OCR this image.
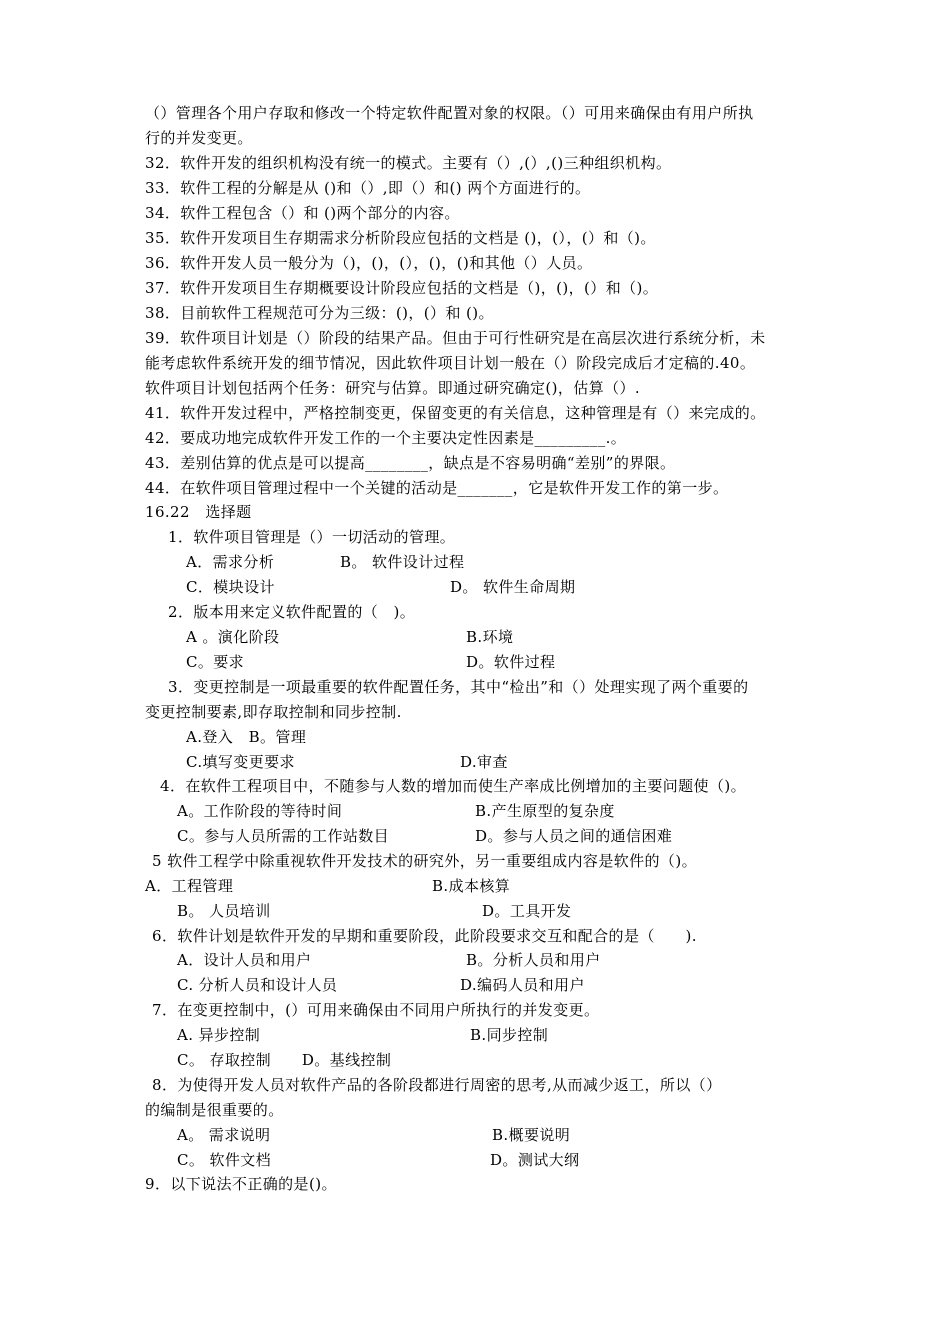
（）管理各个用户存取和修改一个特定软件配置对象的权限。（）可用来确保由有用户所执
行的并发变更。
32．软件开发的组织机构没有统一的模式。主要有（）,(）,()三种组织机构。
33．软件工程的分解是从 ()和（）,即（）和() 两个方面进行的。
34．软件工程包含（）和 ()两个部分的内容。
35．软件开发项目生存期需求分析阶段应包括的文档是 ()，(），(）和（)。
36．软件开发人员一般分为（)，()，(），()，()和其他（）人员。
37．软件开发项目生存期概要设计阶段应包括的文档是（)，()，(）和（)。
38．目前软件工程规范可分为三级：()，(）和 ()。
39．软件项目计划是（）阶段的结果产品。但由于可行性研究是在高层次进行系统分析，未
能考虑软件系统开发的细节情况，因此软件项目计划一般在（）阶段完成后才定稿的.40。
软件项目计划包括两个任务：研究与估算。即通过研究确定()，估算（）.
41．软件开发过程中，严格控制变更，保留变更的有关信息，这种管理是有（）来完成的。
42．要成功地完成软件开发工作的一个主要决定性因素是_________.。
43．差别估算的优点是可以提高________，缺点是不容易明确“差别”的界限。
44．在软件项目管理过程中一个关键的活动是_______，它是软件开发工作的第一步。
16.22　选择题
1．软件项目管理是（）一切活动的管理。
A．需求分析	B。 软件设计过程
C．模块设计	D。 软件生命周期
2．版本用来定义软件配置的（　)。
A 。演化阶段	B.环境
C。要求	D。软件过程
3．变更控制是一项最重要的软件配置任务，其中“检出”和（）处理实现了两个重要的
变更控制要素,即存取控制和同步控制.
A.登入　B。管理
C.填写变更要求	D.审查
4．在软件工程项目中，不随参与人数的增加而使生产率成比例增加的主要问题使（)。
A。工作阶段的等待时间	B.产生原型的复杂度
C。参与人员所需的工作站数目	D。参与人员之间的通信困难
5 软件工程学中除重视软件开发技术的研究外，另一重要组成内容是软件的（)。
A．工程管理	B.成本核算
B。 人员培训	D。工具开发
6．软件计划是软件开发的早期和重要阶段，此阶段要求交互和配合的是（　　).
A．设计人员和用户	B。分析人员和用户
C. 分析人员和设计人员	D.编码人员和用户
7．在变更控制中，(）可用来确保由不同用户所执行的并发变更。
A. 异步控制	B.同步控制
C。 存取控制　　D。基线控制
8．为使得开发人员对软件产品的各阶段都进行周密的思考,从而减少返工，所以（）
的编制是很重要的。
A。 需求说明	B.概要说明
C。 软件文档	D。测试大纲
9．以下说法不正确的是()。
